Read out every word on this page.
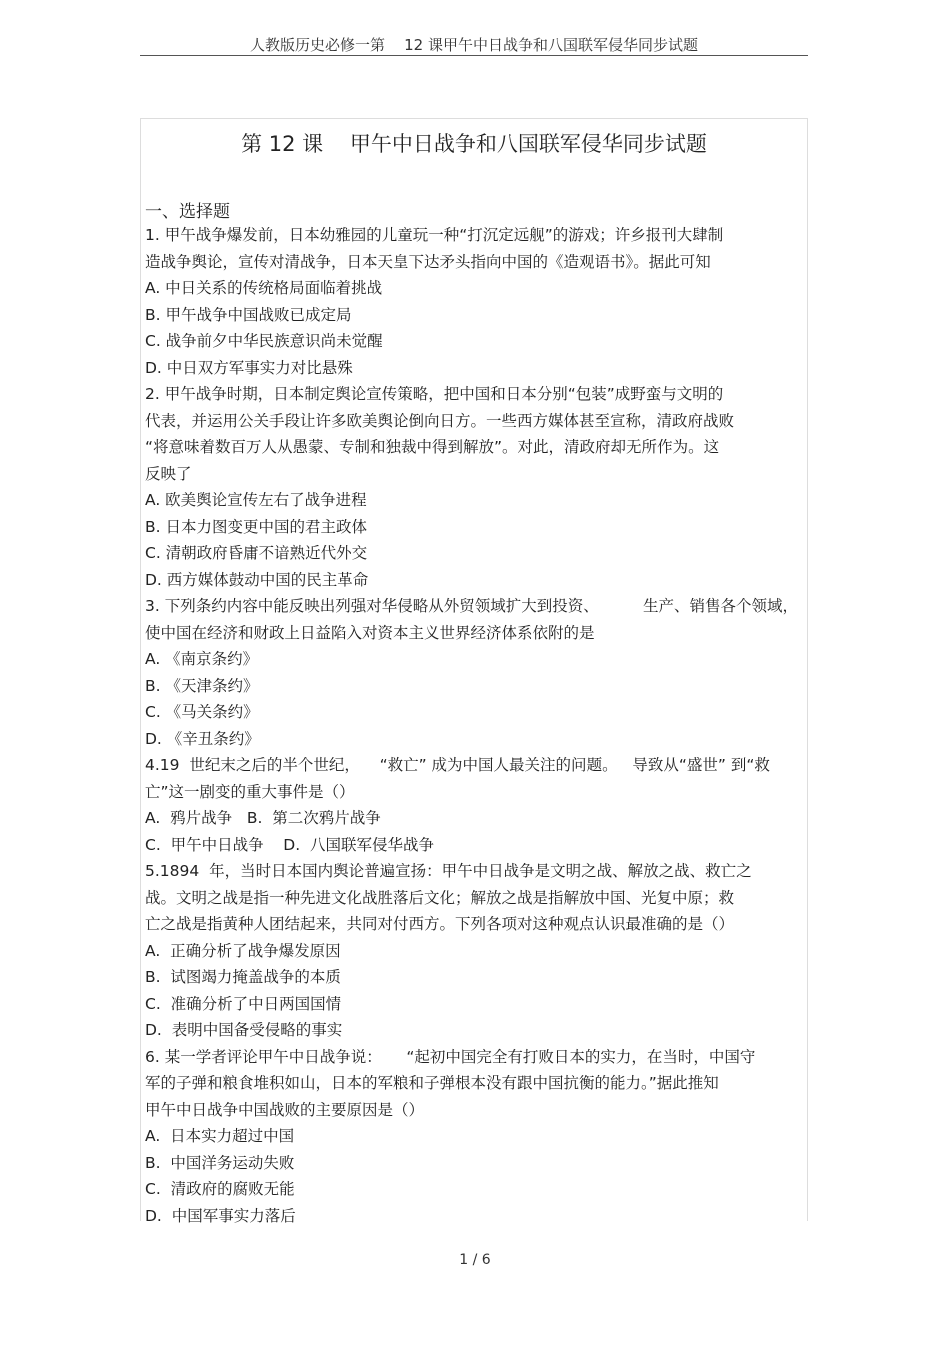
人教版历史必修一第    12 课甲午中日战争和八国联军侵华同步试题
第 12 课    甲午中日战争和八国联军侵华同步试题
一、选择题
1. 甲午战争爆发前，日本幼雅园的儿童玩一种“打沉定远舰”的游戏；许乡报刊大肆制
造战争舆论，宣传对清战争，日本天皇下达矛头指向中国的《造观语书》。据此可知
A. 中日关系的传统格局面临着挑战
B. 甲午战争中国战败已成定局
C. 战争前夕中华民族意识尚未觉醒
D. 中日双方军事实力对比悬殊
2. 甲午战争时期，日本制定舆论宣传策略，把中国和日本分别“包装”成野蛮与文明的
代表，并运用公关手段让许多欧美舆论倒向日方。一些西方媒体甚至宣称，清政府战败
“将意味着数百万人从愚蒙、专制和独裁中得到解放”。对此，清政府却无所作为。这
反映了
A. 欧美舆论宣传左右了战争进程
B. 日本力图变更中国的君主政体
C. 清朝政府昏庸不谙熟近代外交
D. 西方媒体鼓动中国的民主革命
3. 下列条约内容中能反映出列强对华侵略从外贸领域扩大到投资、         生产、销售各个领域，
使中国在经济和财政上日益陷入对资本主义世界经济体系依附的是
A. 《南京条约》
B. 《天津条约》
C. 《马关条约》
D. 《辛丑条约》
4.19  世纪末之后的半个世纪，    “救亡” 成为中国人最关注的问题。   导致从“盛世” 到“救
亡”这一剧变的重大事件是（）
A.  鸦片战争   B.  第二次鸦片战争
C.  甲午中日战争    D.  八国联军侵华战争
5.1894  年，当时日本国内舆论普遍宣扬：甲午中日战争是文明之战、解放之战、救亡之
战。文明之战是指一种先进文化战胜落后文化；解放之战是指解放中国、光复中原；救
亡之战是指黄种人团结起来，共同对付西方。下列各项对这种观点认识最准确的是（）
A.  正确分析了战争爆发原因
B.  试图竭力掩盖战争的本质
C.  准确分析了中日两国国情
D.  表明中国备受侵略的事实
6. 某一学者评论甲午中日战争说：     “起初中国完全有打败日本的实力，在当时，中国守
军的子弹和粮食堆积如山，日本的军粮和子弹根本没有跟中国抗衡的能力。”据此推知
甲午中日战争中国战败的主要原因是（）
A.  日本实力超过中国
B.  中国洋务运动失败
C.  清政府的腐败无能
D.  中国军事实力落后
1 / 6
